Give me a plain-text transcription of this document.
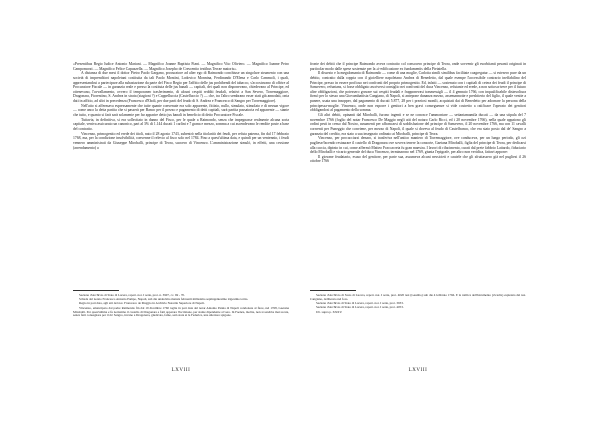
«Presentibus Regio Iudice Antonio Mariani. — Magnifico Joanne Baptista Fiani. — Magnifico Vito Oliviero. — Magnifico Ioanne Petro Campomorzi. — Magnifico Felice Capuzzella. — Magnifico Josepho de Crescentio testibus Terrae maioris».

A distanza di due mesi il dottor Pietro Paolo Gargano, procuratore ad alter ego di Raimondo conchiuse un singolare strumento con una società di imprenditori napoletani costituita da tali Paolo Montini, Lodovico Monnina, Ferdinando D'Elena e Carlo Cammoli, i quali, appresentandosi a partecipare alla subastazione da parte del Fisco Regio per l'affitto delle jus prohibendi del tabacco, s'accostavano di offrire al Procuratore Fiscale — in garanzia reale e presso la costituta delle jus banali — capitali, dei quali non disponevano, chiedevano al Principe, ed ottenevano, l'avvallamento, ovvero il temporaneo trasferimento, di alcuni cespiti redditi feudali, relativi a San Severo, Torremaggiore, Dragonara, Fiorentino, S. Andrea in strata (stagioni ?) e Cappelluccia (Castelluccio ?) — che, tra l'altro sembrano esser stati già annodati, onta dati in affitto, ad altri in precedenza (Francesco d'Eboli, per due parti del feudo di S. Andrea e Francesco di Sangro per Torremaggiore).

Nell'atto si affermava espressamente che tutte quante convenute era solo apparente, fittizio, nullo, simulato, stimolato e di nessun vigore — come anco la detta partita che si passerà per Banco per il prezzo e pagamento di detti capitali, sarà partita passatoria ed apparente — stante che tutto, e quanto si farà sarà solamente per far apparire detto jus banali in beneficio di detto Procuratore Fiscale.

Tuttavia, in definitiva, si era sollecitato in danno del Fisco, per le quale a Raimondo, senza che impegnasse realmente alcuna sorta capitale, veniva assicurato un canonico, pari al 3% di 1.144 ducati 1 carlini e 7 grana e mezzo, somma a cui ascendevano le rendite poste a base del contratto.

Vincenzo, primogenito ed erede dei titoli, nato il 28 agosto 1743, subentrò nella titolarità dei feudi, per refuta paterna, fin dal 17 febbraio 1768, ma, per la condizione insolvibilità, convenne il relevio al fisco solo nel 1784. Fino a quest'ultima data, e quindi per un ventennio, i feudi vennero amministrati da Giuseppe Miroballi, principe di Teora, suocero di Vincenzo. L'amministrazione simulò, in effetti, una cessione (arrendamento) a

Sezione d'Archivio di Stato di Lucera, repert. not. I serie, prot. n. 3907, cc. 69 - 70.

Scheda del notaio Francesco Antonio Pampo, Napoli, sub die undecimo mensis februarii millesimo septingentesimo trigesimo tertio.

Regio in pari data, agli atti del not. Francesco de Maggio in Archivio Notarile Superiore di Napoli.

Vincenzo, emancipato dal padre Raimondo fin dal 19 dicembre 1760 toglie in pari data del notar Antonio Panna di Napoli condonare al fiore, nel 1768, Gaetana Miroballi. Per quest'ultima e fu notissimo il castello di Dragonara e fatti apparare l'iscrizione, per stante dipendente al vero. In Faenza, inoltre, non si sarebbe mai recata, senza fatti consagnare per il da' Sangro, invano a Dragonara, giudicata, fame, sarà stata ai la Federica, una ulteriore spigone.

fronte dei debiti che il principe Raimondo aveva contratto col consocero principe di Teora, onde sovvenir gli esorbitanti pesanti originati in particolar modo dalle spese sostenute per la «i-edificazione ex fundamentis della Pietatella.

Il dissesto e la megalomania di Raimondo — come di una moglie, Carlotta simili similibus facilitate coagregatur — si estesero pure da un debito, contratto dalla coppia con il gioielliere napoletano Andrea di Benedetto, dal quale esempe l'accessibile contrario ineffabilino del Principe, presso in essere proficuo nei confronti del proprio primogenito. Ed, infatti — sostenuto con i capitali di cetera dei feudi il principe di Sansevero, refuntans, si fosse obbligato ascriversi consiglio nei confronti del duca Vincenzo, refutante ed erede, a non sottoscrivere per il futuro altre obbligazioni, che potessero gravare sui cespiti feudali e frapponevasi trasmessigli — il 4 gennaio 1766, con inqualificabile disinvoltura firmò per lo stesso una Giovambattista Cangiano, di Napoli, si antepone dunanza mezzo, assemannotte e presbiterio del figlio, il quale venite a punere, usata una insopper, dal pagamento di ducati 5.877, 28 per i preziosi monili, acquistati dai di Benedetto per adornare la persona della principessa-moglie. Vincenzo, onde non esporre i genitori a ben gravi conseguenze si vide costretto a ratificare l'operato dei genitori obbligandosi al pagamento della somma.

Gli altri debiti, opinanti dal Miroballi, furono ingenti e se ne conosce l'ammontare — settantamamila ducati — da una stipula del 7 novembre 1766 (foglio del notar Francesco De Maggio negli atti del notaro Carlo Ricci, ed i 20 novembre 1766), nella quale appaiono gli ordini pesti in censo dal Nostro, assumenti per affrancarsi di soddisfazione del principe di Sansevero, il 20 novembre 1766, ma con 11 cavalli corrrenti per Puneggio che conviene, per mezzo di Napoli, il quale si doveva al feudo di Castelfranco, che era stato posto dal de' Sangro a garanzia del credito, era stato a sua insegnato ordinato ai Miroballi, principe di Teora.

Vincenzo, per procacciarsi denaro, si trasferiva nell'antico maniero di Torremaggiore, ove conduceva, per un lungo periodo, gli ozi pugliese/facendo restaurare il castello di Dragonara ove soveva tenere la consorte, Gaetana Miroballi, figlia del principe di Teora, per dedicarsi alla caccia, dipinto in cui, come affermò Matteo Fraccacreta fu gran maestra. I lavori di rifacimento, curati dal prete fabbrio Lattardo, fiduciario dello Miroballi e vicario generale del duca Vincenzo, terminarono nel 1769, giunta l'epigrafe, per altro non veridica, fattavi apporre:

Il giovane feudatario, esuso del genitore, per parte sua, assumeva alcuni nessicieti e cautele che gli sfruttassero già nel pugliesi il 26 ottobre 1766

Sezione d'Archivio di Stato di Lucera, repert. not. I serie, prot. 4020 tesi (Gaudito) sub die 4 febbraio 1766. E la ratifica dell'istrumento (vicariis) espletata dal not. Cangiano, deliberato nel foro.

Sezione d'Archivio di Stato di Lucera, repert. not. I serie, prot. 3933.

Sezione d'Archivio di Stato di Lucera, repert. not. I serie, prot. 4053.

Ult. supra p. XXXV.

LXVIII	LXVIII
